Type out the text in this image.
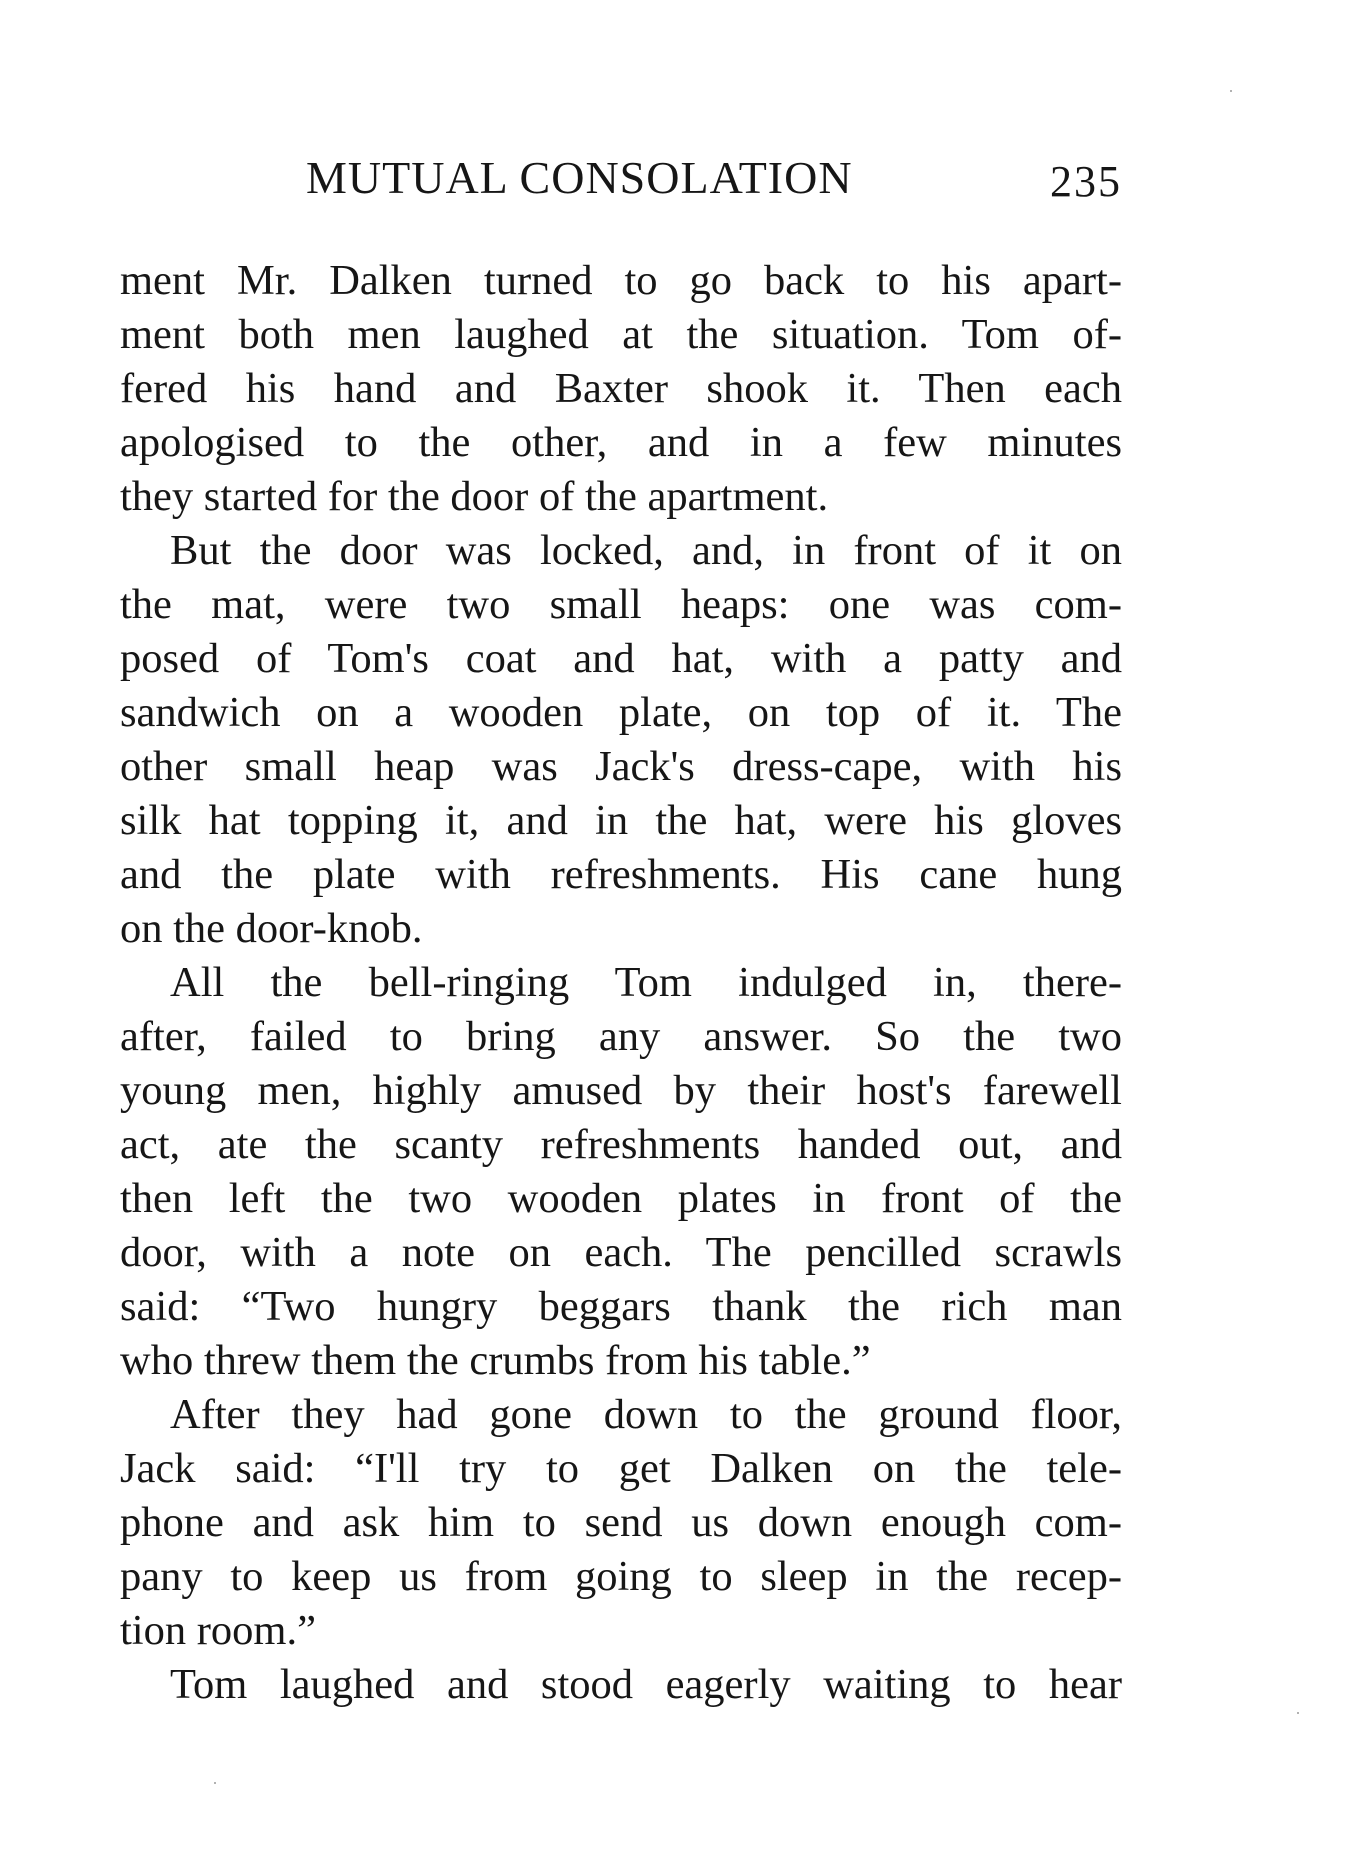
MUTUAL CONSOLATION	235
ment Mr. Dalken turned to go back to his apart-
ment both men laughed at the situation. Tom of-
fered his hand and Baxter shook it. Then each
apologised to the other, and in a few minutes
they started for the door of the apartment.
But the door was locked, and, in front of it on
the mat, were two small heaps: one was com-
posed of Tom's coat and hat, with a patty and
sandwich on a wooden plate, on top of it. The
other small heap was Jack's dress-cape, with his
silk hat topping it, and in the hat, were his gloves
and the plate with refreshments. His cane hung
on the door-knob.
All the bell-ringing Tom indulged in, there-
after, failed to bring any answer. So the two
young men, highly amused by their host's farewell
act, ate the scanty refreshments handed out, and
then left the two wooden plates in front of the
door, with a note on each. The pencilled scrawls
said: “Two hungry beggars thank the rich man
who threw them the crumbs from his table.”
After they had gone down to the ground floor,
Jack said: “I'll try to get Dalken on the tele-
phone and ask him to send us down enough com-
pany to keep us from going to sleep in the recep-
tion room.”
Tom laughed and stood eagerly waiting to hear
